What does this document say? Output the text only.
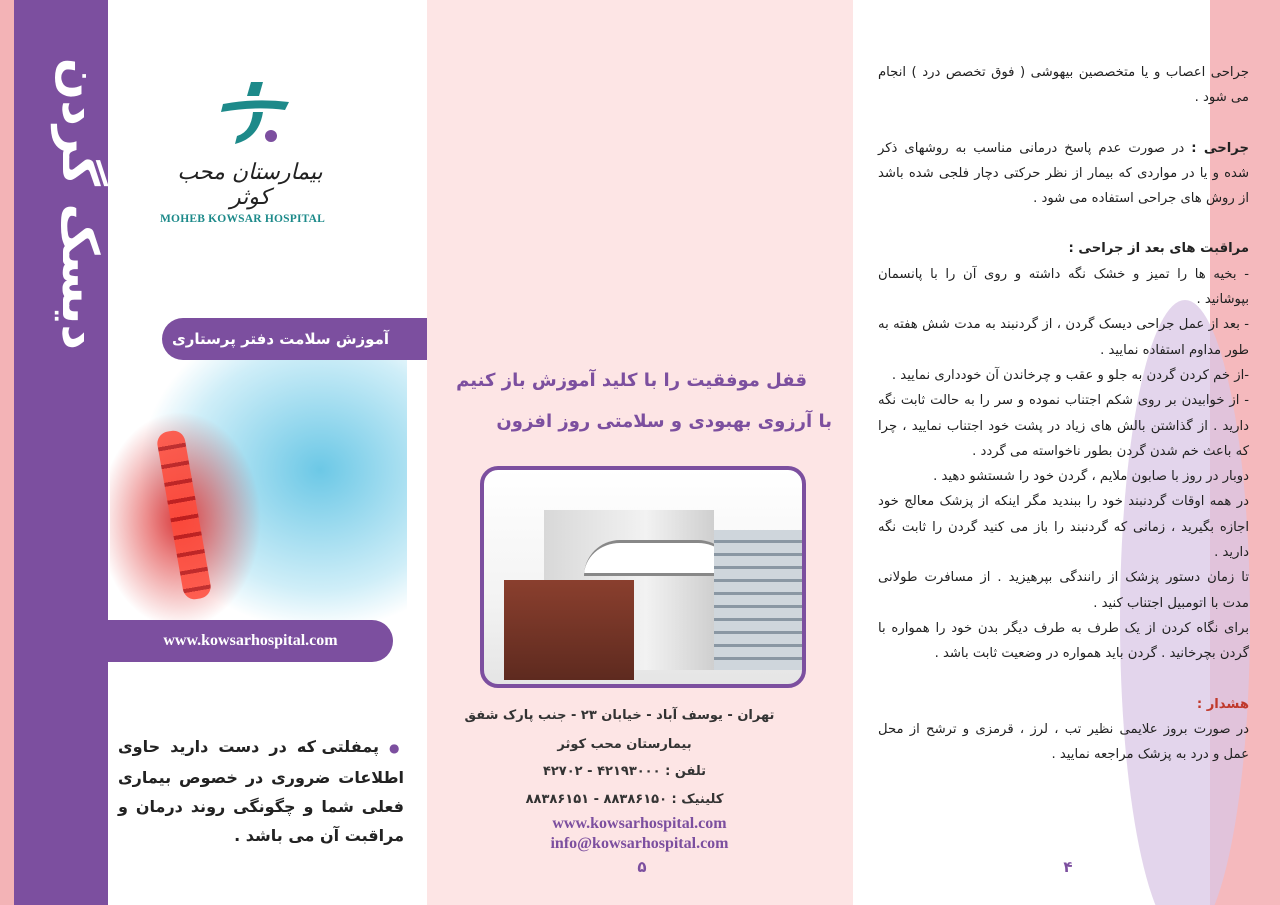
دیسک گردن	بیمارستان محب کوثر
MOHEB KOWSAR HOSPITAL
آموزش سلامت دفتر پرستاری
www.kowsarhospital.com
● پمفلتی که در دست دارید حاوی اطلاعات ضروری در خصوص بیماری فعلی شما و چگونگی روند درمان و مراقبت آن می باشد .
قفل موفقیت را با کلید آموزش باز کنیم
با آرزوی بهبودی و سلامتی روز افزون
تهران - یوسف آباد - خیابان ۲۳ - جنب پارک شفق
بیمارستان محب کوثر
تلفن : ۴۲۱۹۳۰۰۰ - ۴۲۷۰۲
کلینیک : ۸۸۳۸۶۱۵۰ - ۸۸۳۸۶۱۵۱
www.kowsarhospital.com
info@kowsarhospital.com
۵

جراحی اعصاب و یا متخصصین بیهوشی ( فوق تخصص درد ) انجام می شود .

جراحی : در صورت عدم پاسخ درمانی مناسب به روشهای ذکر شده و یا در مواردی که بیمار از نظر حرکتی دچار فلجی شده باشد از روش های جراحی استفاده می شود .

مراقبت های بعد از جراحی :

- بخیه ها را تمیز و خشک نگه داشته و روی آن را با پانسمان بپوشانید .

- بعد از عمل جراحی دیسک گردن ، از گردنبند به مدت شش هفته به طور مداوم استفاده نمایید .

-از خم کردن گردن به جلو و عقب و چرخاندن آن خودداری نمایید .

- از خوابیدن بر روی شکم اجتناب نموده و سر را به حالت ثابت نگه دارید . از گذاشتن بالش های زیاد در پشت خود اجتناب نمایید ، چرا که باعث خم شدن گردن بطور ناخواسته می گردد .

دوبار در روز با صابون ملایم ، گردن خود را شستشو دهید .

در همه اوقات گردنبند خود را ببندید مگر اینکه از پزشک معالج خود اجازه بگیرید ، زمانی که گردنبند را باز می کنید گردن را ثابت نگه دارید .

تا زمان دستور پزشک از رانندگی بپرهیزید . از مسافرت طولانی مدت با اتومبیل اجتناب کنید .

برای نگاه کردن از یک طرف به طرف دیگر بدن خود را همواره با گردن بچرخانید . گردن باید همواره در وضعیت ثابت باشد .

هشدار :

در صورت بروز علایمی نظیر تب ، لرز ، قرمزی و ترشح از محل عمل و درد به پزشک مراجعه نمایید .

۴
